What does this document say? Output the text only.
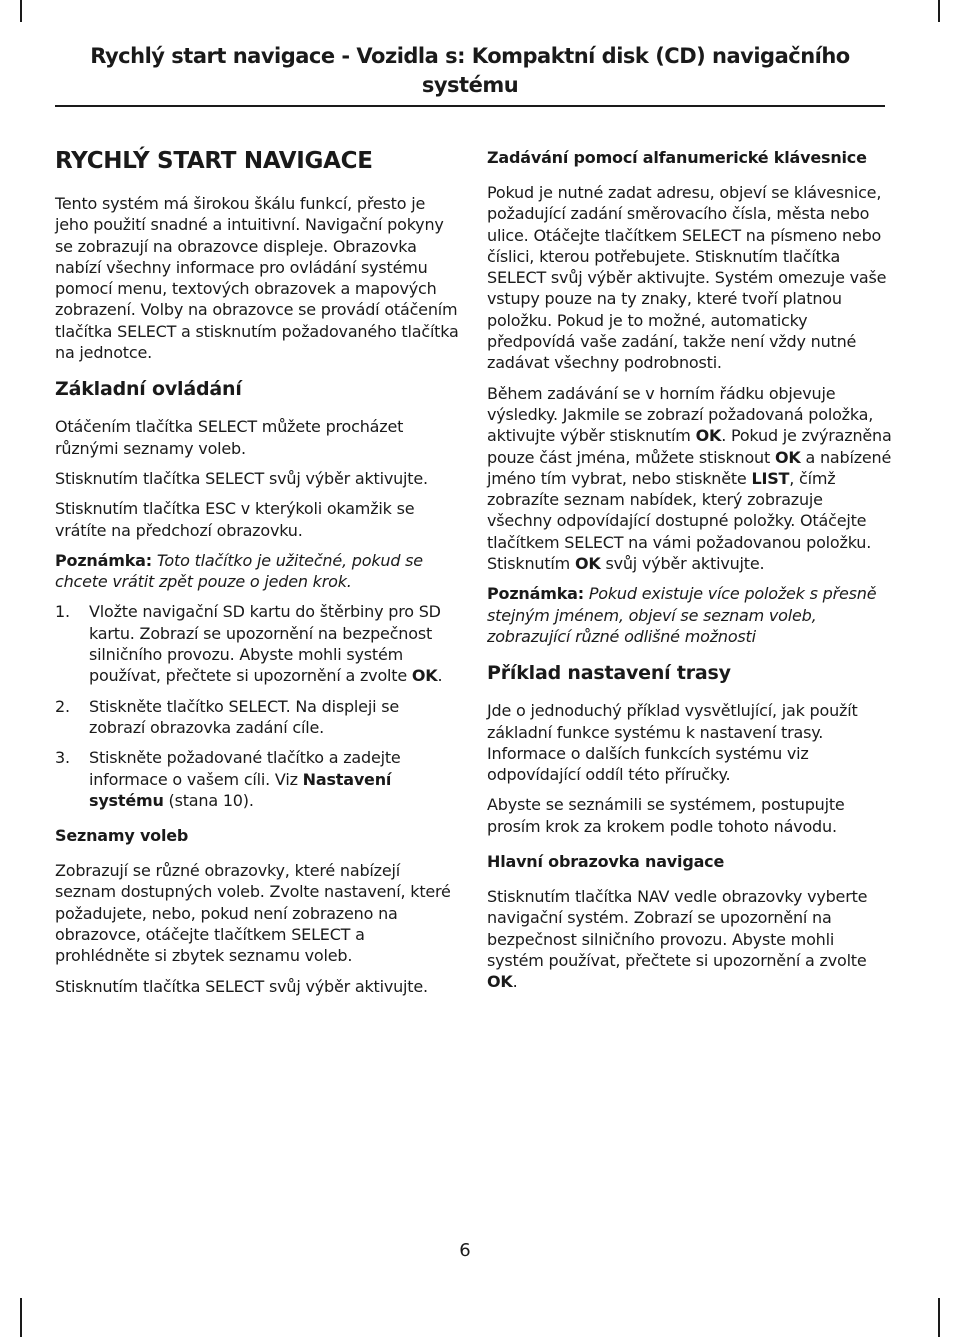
Rychlý start navigace - Vozidla s: Kompaktní disk (CD) navigačního systému
RYCHLÝ START NAVIGACE

Tento systém má širokou škálu funkcí, přesto je jeho použití snadné a intuitivní. Navigační pokyny se zobrazují na obrazovce displeje. Obrazovka nabízí všechny informace pro ovládání systému pomocí menu, textových obrazovek a mapových zobrazení. Volby na obrazovce se provádí otáčením tlačítka SELECT a stisknutím požadovaného tlačítka na jednotce.

Základní ovládání

Otáčením tlačítka SELECT můžete procházet různými seznamy voleb.

Stisknutím tlačítka SELECT svůj výběr aktivujte.

Stisknutím tlačítka ESC v kterýkoli okamžik se vrátíte na předchozí obrazovku.

Poznámka: Toto tlačítko je užitečné, pokud se chcete vrátit zpět pouze o jeden krok.

1.	Vložte navigační SD kartu do štěrbiny pro SD kartu. Zobrazí se upozornění na bezpečnost silničního provozu. Abyste mohli systém používat, přečtete si upozornění a zvolte OK.
2.	Stiskněte tlačítko SELECT. Na displeji se zobrazí obrazovka zadání cíle.
3.	Stiskněte požadované tlačítko a zadejte informace o vašem cíli. Viz Nastavení systému (stana 10).
Seznamy voleb

Zobrazují se různé obrazovky, které nabízejí seznam dostupných voleb. Zvolte nastavení, které požadujete, nebo, pokud není zobrazeno na obrazovce, otáčejte tlačítkem SELECT a prohlédněte si zbytek seznamu voleb.

Stisknutím tlačítka SELECT svůj výběr aktivujte.

Zadávání pomocí alfanumerické klávesnice

Pokud je nutné zadat adresu, objeví se klávesnice, požadující zadání směrovacího čísla, města nebo ulice. Otáčejte tlačítkem SELECT na písmeno nebo číslici, kterou potřebujete. Stisknutím tlačítka SELECT svůj výběr aktivujte. Systém omezuje vaše vstupy pouze na ty znaky, které tvoří platnou položku. Pokud je to možné, automaticky předpovídá vaše zadání, takže není vždy nutné zadávat všechny podrobnosti.

Během zadávání se v horním řádku objevuje výsledky. Jakmile se zobrazí požadovaná položka, aktivujte výběr stisknutím OK. Pokud je zvýrazněna pouze část jména, můžete stisknout OK a nabízené jméno tím vybrat, nebo stiskněte LIST, čímž zobrazíte seznam nabídek, který zobrazuje všechny odpovídající dostupné položky. Otáčejte tlačítkem SELECT na vámi požadovanou položku. Stisknutím OK svůj výběr aktivujte.

Poznámka: Pokud existuje více položek s přesně stejným jménem, objeví se seznam voleb, zobrazující různé odlišné možnosti

Příklad nastavení trasy

Jde o jednoduchý příklad vysvětlující, jak použít základní funkce systému k nastavení trasy. Informace o dalších funkcích systému viz odpovídající oddíl této příručky.

Abyste se seznámili se systémem, postupujte prosím krok za krokem podle tohoto návodu.

Hlavní obrazovka navigace

Stisknutím tlačítka NAV vedle obrazovky vyberte navigační systém. Zobrazí se upozornění na bezpečnost silničního provozu. Abyste mohli systém používat, přečtete si upozornění a zvolte OK.

6
